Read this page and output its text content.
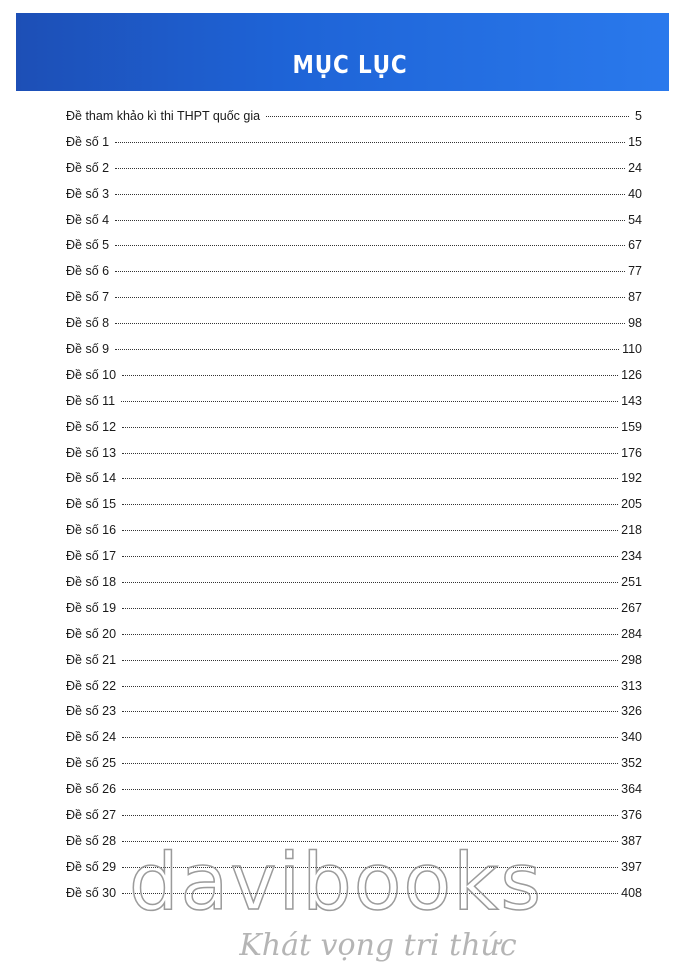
MỤC LỤC
Đề tham khảo kì thi THPT quốc gia	5
Đề số 1	15
Đề số 2	24
Đề số 3	40
Đề số 4	54
Đề số 5	67
Đề số 6	77
Đề số 7	87
Đề số 8	98
Đề số 9	110
Đề số 10	126
Đề số 11	143
Đề số 12	159
Đề số 13	176
Đề số 14	192
Đề số 15	205
Đề số 16	218
Đề số 17	234
Đề số 18	251
Đề số 19	267
Đề số 20	284
Đề số 21	298
Đề số 22	313
Đề số 23	326
Đề số 24	340
Đề số 25	352
Đề số 26	364
Đề số 27	376
Đề số 28	387
Đề số 29	397
Đề số 30	408
davibooks
Khát vọng tri thức
